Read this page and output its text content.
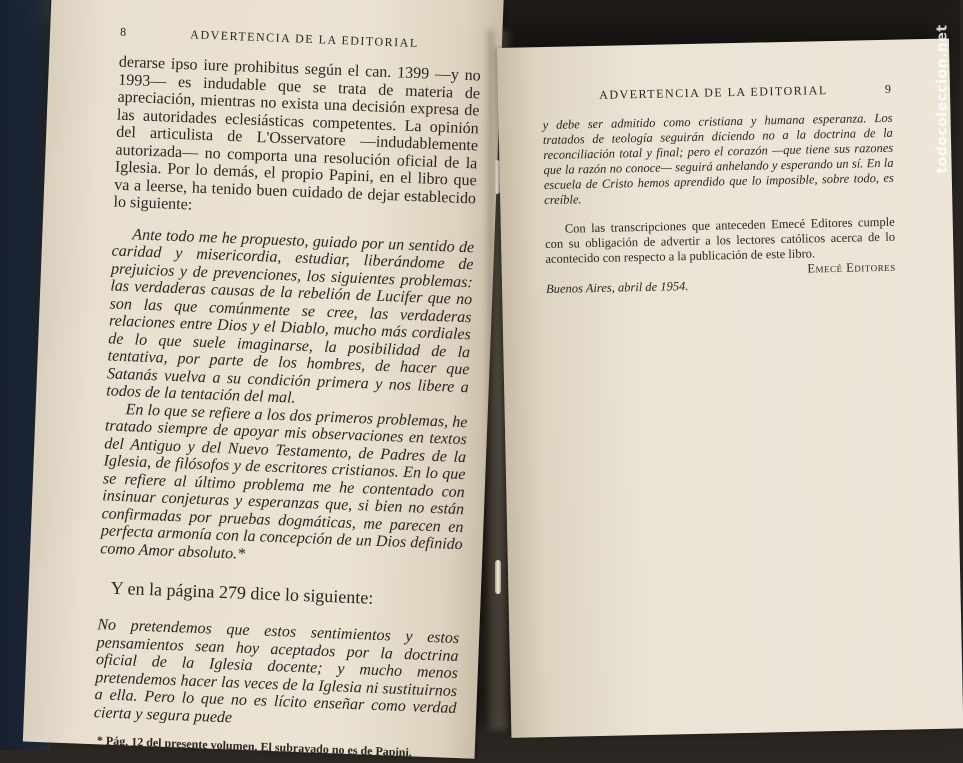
8	ADVERTENCIA DE LA EDITORIAL

derarse ipso iure prohibitus según el can. 1399 —y no 1993— es indudable que se trata de materia de apreciación, mientras no exista una decisión expresa de las autoridades eclesiásticas competentes. La opinión del articulista de L'Osservatore —indudablemente autorizada— no comporta una resolución oficial de la Iglesia. Por lo demás, el propio Papini, en el libro que va a leerse, ha tenido buen cuidado de dejar establecido lo siguiente:

Ante todo me he propuesto, guiado por un sentido de caridad y misericordia, estudiar, liberándome de prejuicios y de prevenciones, los siguientes problemas: las verdaderas causas de la rebelión de Lucifer que no son las que comúnmente se cree, las verdaderas relaciones entre Dios y el Diablo, mucho más cordiales de lo que suele imaginarse, la posibilidad de la tentativa, por parte de los hombres, de hacer que Satanás vuelva a su condición primera y nos libere a todos de la tentación del mal.

En lo que se refiere a los dos primeros problemas, he tratado siempre de apoyar mis observaciones en textos del Antiguo y del Nuevo Testamento, de Padres de la Iglesia, de filósofos y de escritores cristianos. En lo que se refiere al último problema me he contentado con insinuar conjeturas y esperanzas que, si bien no están confirmadas por pruebas dogmáticas, me parecen en perfecta armonía con la concepción de un Dios definido como Amor absoluto.*

Y en la página 279 dice lo siguiente:
No pretendemos que estos sentimientos y estos pensamientos sean hoy aceptados por la doctrina oficial de la Iglesia docente; y mucho menos pretendemos hacer las veces de la Iglesia ni sustituirnos a ella. Pero lo que no es lícito enseñar como verdad cierta y segura puede
* Pág. 12 del presente volumen. El subrayado no es de Papini.
ADVERTENCIA DE LA EDITORIAL	9

y debe ser admitido como cristiana y humana esperanza. Los tratados de teología seguirán diciendo no a la doctrina de la reconciliación total y final; pero el corazón —que tiene sus razones que la razón no conoce— seguirá anhelando y esperando un sí. En la escuela de Cristo hemos aprendido que lo imposible, sobre todo, es creíble.

Con las transcripciones que anteceden Emecé Editores cumple con su obligación de advertir a los lectores católicos acerca de lo acontecido con respecto a la publicación de este libro.

Emecé Editores

Buenos Aires, abril de 1954.

todocoleccion.net
